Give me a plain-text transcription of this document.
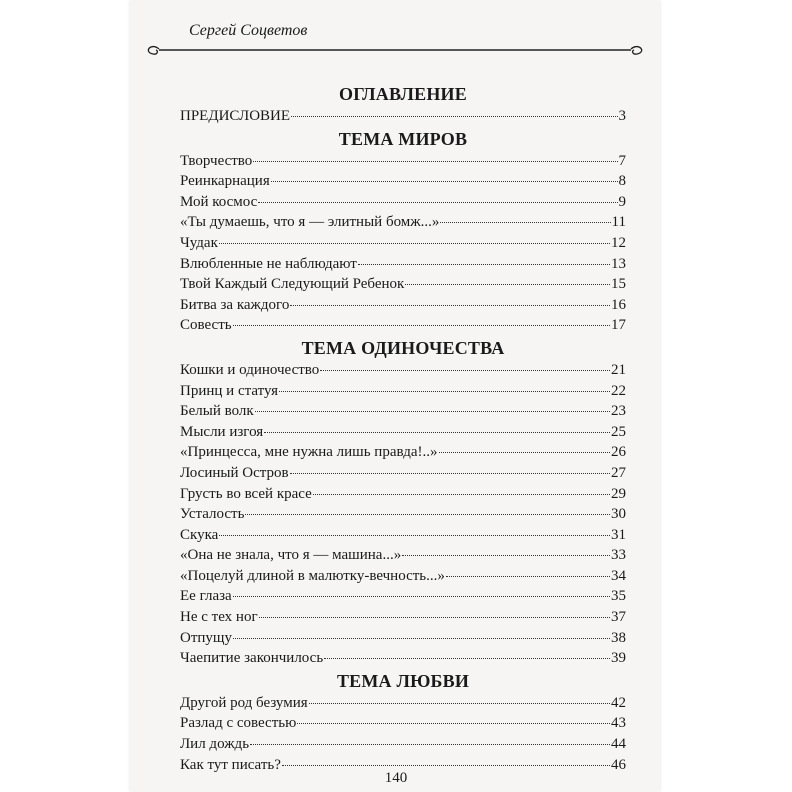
Сергей Соцветов
ОГЛАВЛЕНИЕ
ПРЕДИСЛОВИЕ	3
ТЕМА МИРОВ
Творчество	7
Реинкарнация	8
Мой космос	9
«Ты думаешь, что я — элитный бомж...»	11
Чудак	12
Влюбленные не наблюдают	13
Твой Каждый Следующий Ребенок	15
Битва за каждого	16
Совесть	17
ТЕМА ОДИНОЧЕСТВА
Кошки и одиночество	21
Принц и статуя	22
Белый волк	23
Мысли изгоя	25
«Принцесса, мне нужна лишь правда!..»	26
Лосиный Остров	27
Грусть во всей красе	29
Усталость	30
Скука	31
«Она не знала, что я — машина...»	33
«Поцелуй длиной в малютку-вечность...»	34
Ее глаза	35
Не с тех ног	37
Отпущу	38
Чаепитие закончилось	39
ТЕМА ЛЮБВИ
Другой род безумия	42
Разлад с совестью	43
Лил дождь	44
Как тут писать?	46
140
